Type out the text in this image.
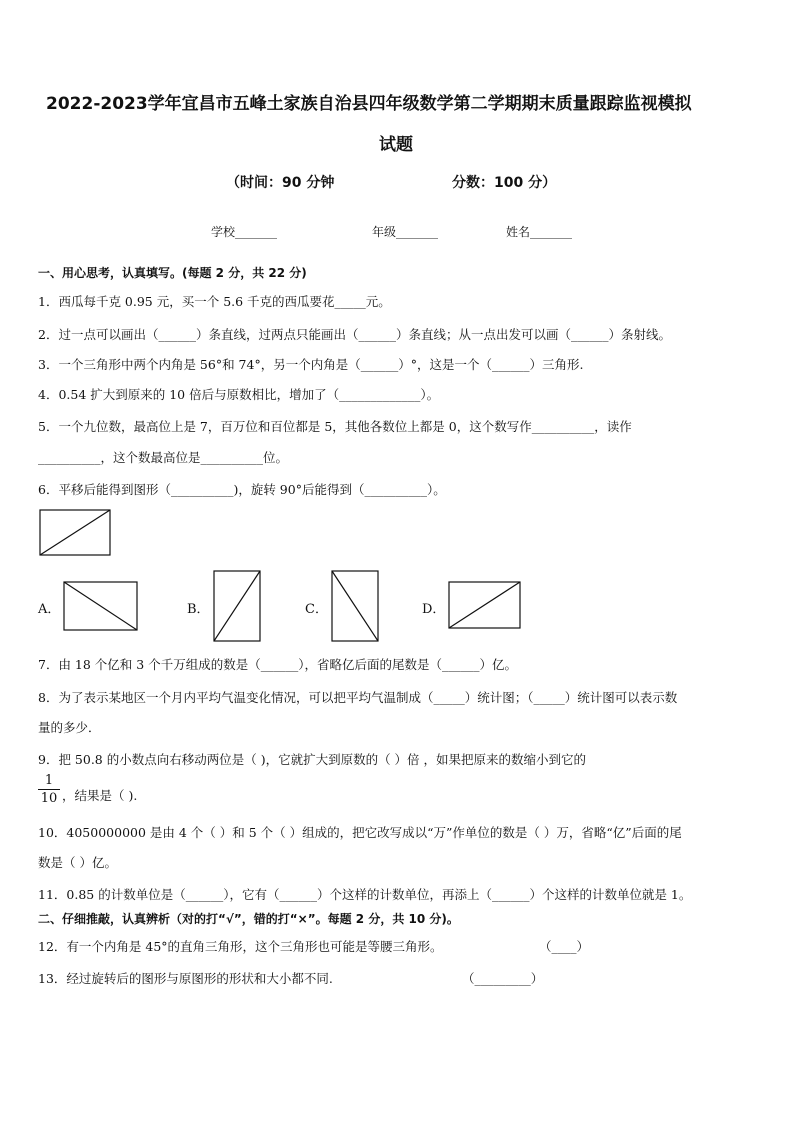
2022-2023学年宜昌市五峰土家族自治县四年级数学第二学期期末质量跟踪监视模拟
试题
（时间：90 分钟	分数：100 分）
学校_______	年级_______	姓名_______
一、用心思考，认真填写。(每题 2 分，共 22 分)
1．西瓜每千克 0.95 元，买一个 5.6 千克的西瓜要花_____元。
2．过一点可以画出（______）条直线，过两点只能画出（______）条直线；从一点出发可以画（______）条射线。
3．一个三角形中两个内角是 56°和 74°，另一个内角是（______）°，这是一个（______）三角形.
4．0.54 扩大到原来的 10 倍后与原数相比，增加了（_____________）。
5．一个九位数，最高位上是 7，百万位和百位都是 5，其他各数位上都是 0，这个数写作__________，读作
__________，这个数最高位是__________位。
6．平移后能得到图形（__________)，旋转 90°后能得到（__________）。
A．	B．	C．	D．
7．由 18 个亿和 3 个千万组成的数是（______），省略亿后面的尾数是（______）亿。
8．为了表示某地区一个月内平均气温变化情况，可以把平均气温制成（_____）统计图；（_____）统计图可以表示数
量的多少．
9．把 50.8 的小数点向右移动两位是（ )，它就扩大到原数的（ ）倍 ，如果把原来的数缩小到它的
$\frac{1}{10}$ ，结果是（ ).
10．4050000000 是由 4 个（ ）和 5 个（ ）组成的，把它改写成以“万”作单位的数是（ ）万，省略“亿”后面的尾
数是（ ）亿。
11．0.85 的计数单位是（______），它有（______）个这样的计数单位，再添上（______）个这样的计数单位就是 1。
二、仔细推敲，认真辨析（对的打“√”，错的打“×”。每题 2 分，共 10 分)。
12．有一个内角是 45°的直角三角形，这个三角形也可能是等腰三角形。	（____）
13．经过旋转后的图形与原图形的形状和大小都不同.	（_________）
